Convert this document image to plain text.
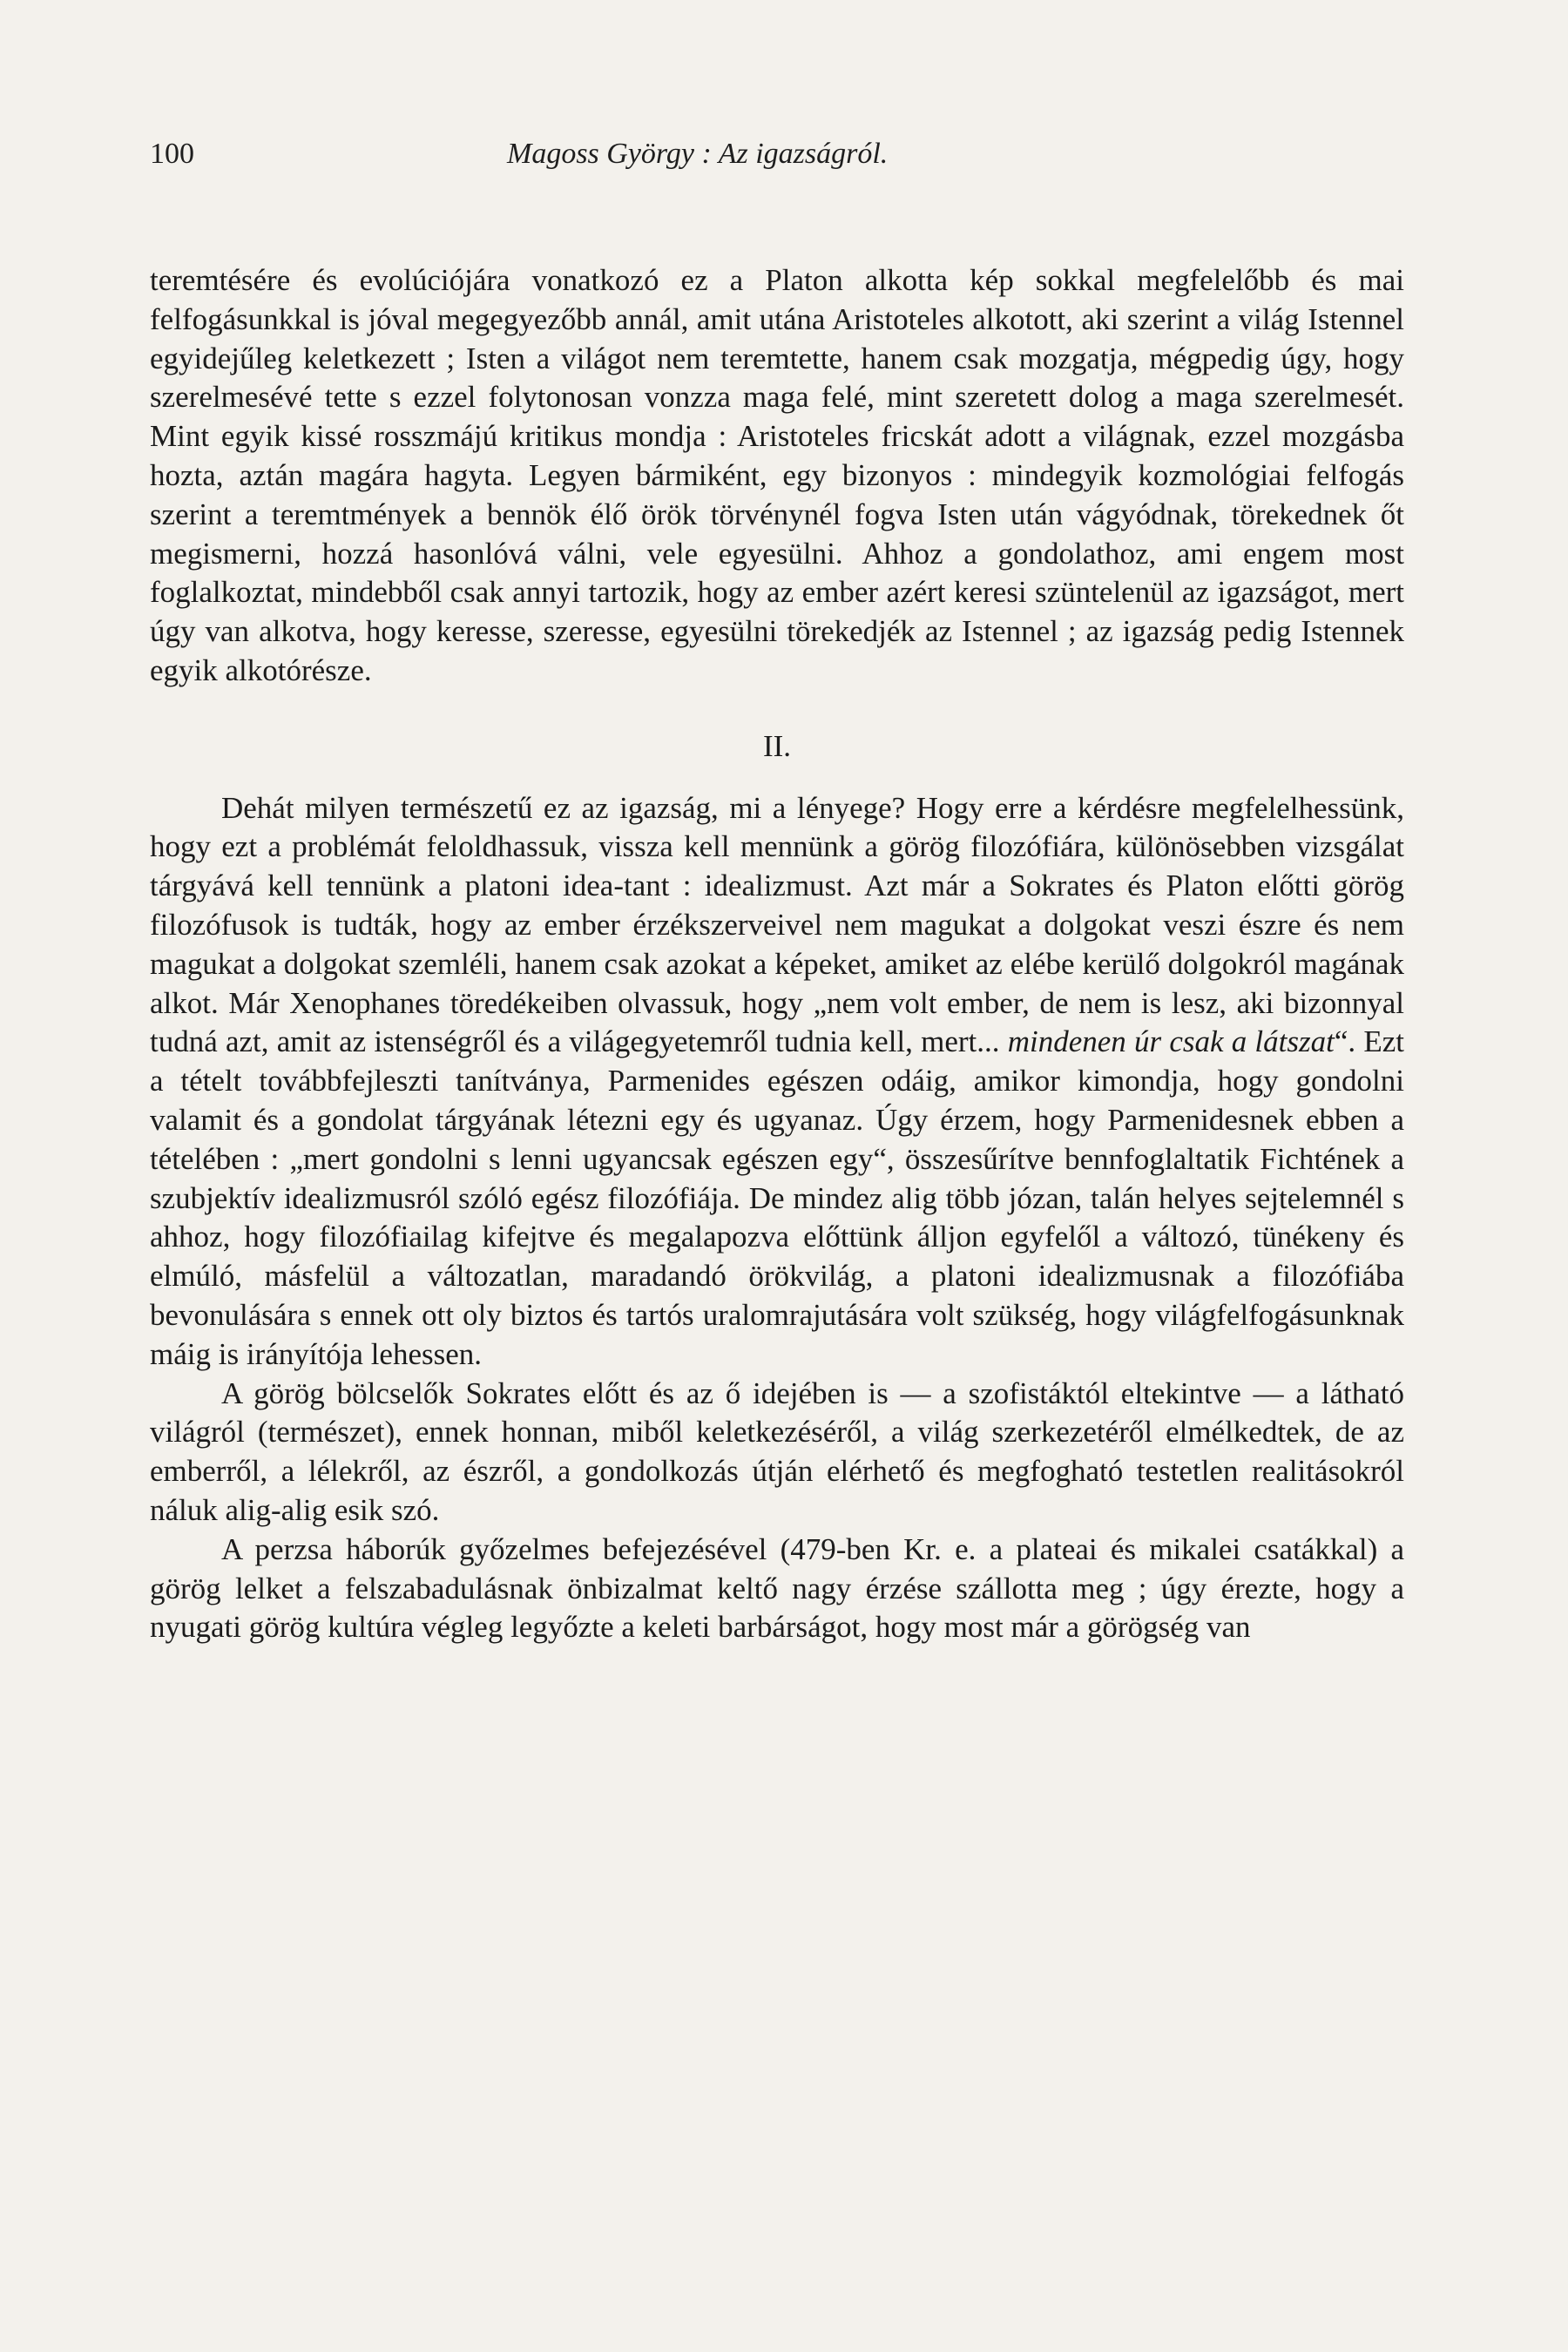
100	Magoss György : Az igazságról.

teremtésére és evolúciójára vonatkozó ez a Platon alkotta kép sokkal megfelelőbb és mai felfogásunkkal is jóval megegyezőbb annál, amit utána Aristoteles alkotott, aki szerint a világ Istennel egyidejűleg keletkezett ; Isten a világot nem teremtette, hanem csak mozgatja, mégpedig úgy, hogy szerelmesévé tette s ezzel folytonosan vonzza maga felé, mint szeretett dolog a maga szerelmesét. Mint egyik kissé rosszmájú kritikus mondja : Aristoteles fricskát adott a világnak, ezzel mozgásba hozta, aztán magára hagyta. Legyen bármiként, egy bizonyos : mindegyik kozmológiai felfogás szerint a teremtmények a bennök élő örök törvénynél fogva Isten után vágyódnak, törekednek őt megismerni, hozzá hasonlóvá válni, vele egyesülni. Ahhoz a gondolathoz, ami engem most foglalkoztat, mindebből csak annyi tartozik, hogy az ember azért keresi szüntelenül az igazságot, mert úgy van alkotva, hogy keresse, szeresse, egyesülni törekedjék az Istennel ; az igazság pedig Istennek egyik alkotórésze.

II.

Dehát milyen természetű ez az igazság, mi a lényege? Hogy erre a kérdésre megfelelhessünk, hogy ezt a problémát feloldhassuk, vissza kell mennünk a görög filozófiára, különösebben vizsgálat tárgyává kell tennünk a platoni idea-tant : idealizmust. Azt már a Sokrates és Platon előtti görög filozófusok is tudták, hogy az ember érzékszerveivel nem magukat a dolgokat veszi észre és nem magukat a dolgokat szemléli, hanem csak azokat a képeket, amiket az elébe kerülő dolgokról magának alkot. Már Xenophanes töredékeiben olvassuk, hogy „nem volt ember, de nem is lesz, aki bizonnyal tudná azt, amit az istenségről és a világegyetemről tudnia kell, mert... mindenen úr csak a látszat“. Ezt a tételt továbbfejleszti tanítványa, Parmenides egészen odáig, amikor kimondja, hogy gondolni valamit és a gondolat tárgyának létezni egy és ugyanaz. Úgy érzem, hogy Parmenidesnek ebben a tételében : „mert gondolni s lenni ugyancsak egészen egy“, összesűrítve bennfoglaltatik Fichtének a szubjektív idealizmusról szóló egész filozófiája. De mindez alig több józan, talán helyes sejtelemnél s ahhoz, hogy filozófiailag kifejtve és megalapozva előttünk álljon egyfelől a változó, tünékeny és elmúló, másfelül a változatlan, maradandó örökvilág, a platoni idealizmusnak a filozófiába bevonulására s ennek ott oly biztos és tartós uralomrajutására volt szükség, hogy világfelfogásunknak máig is irányítója lehessen.

A görög bölcselők Sokrates előtt és az ő idejében is — a szofistáktól eltekintve — a látható világról (természet), ennek honnan, miből keletkezéséről, a világ szerkezetéről elmélkedtek, de az emberről, a lélekről, az észről, a gondolkozás útján elérhető és megfogható testetlen realitásokról náluk alig-alig esik szó.

A perzsa háborúk győzelmes befejezésével (479-ben Kr. e. a plateai és mikalei csatákkal) a görög lelket a felszabadulásnak önbizalmat keltő nagy érzése szállotta meg ; úgy érezte, hogy a nyugati görög kultúra végleg legyőzte a keleti barbárságot, hogy most már a görögség van
